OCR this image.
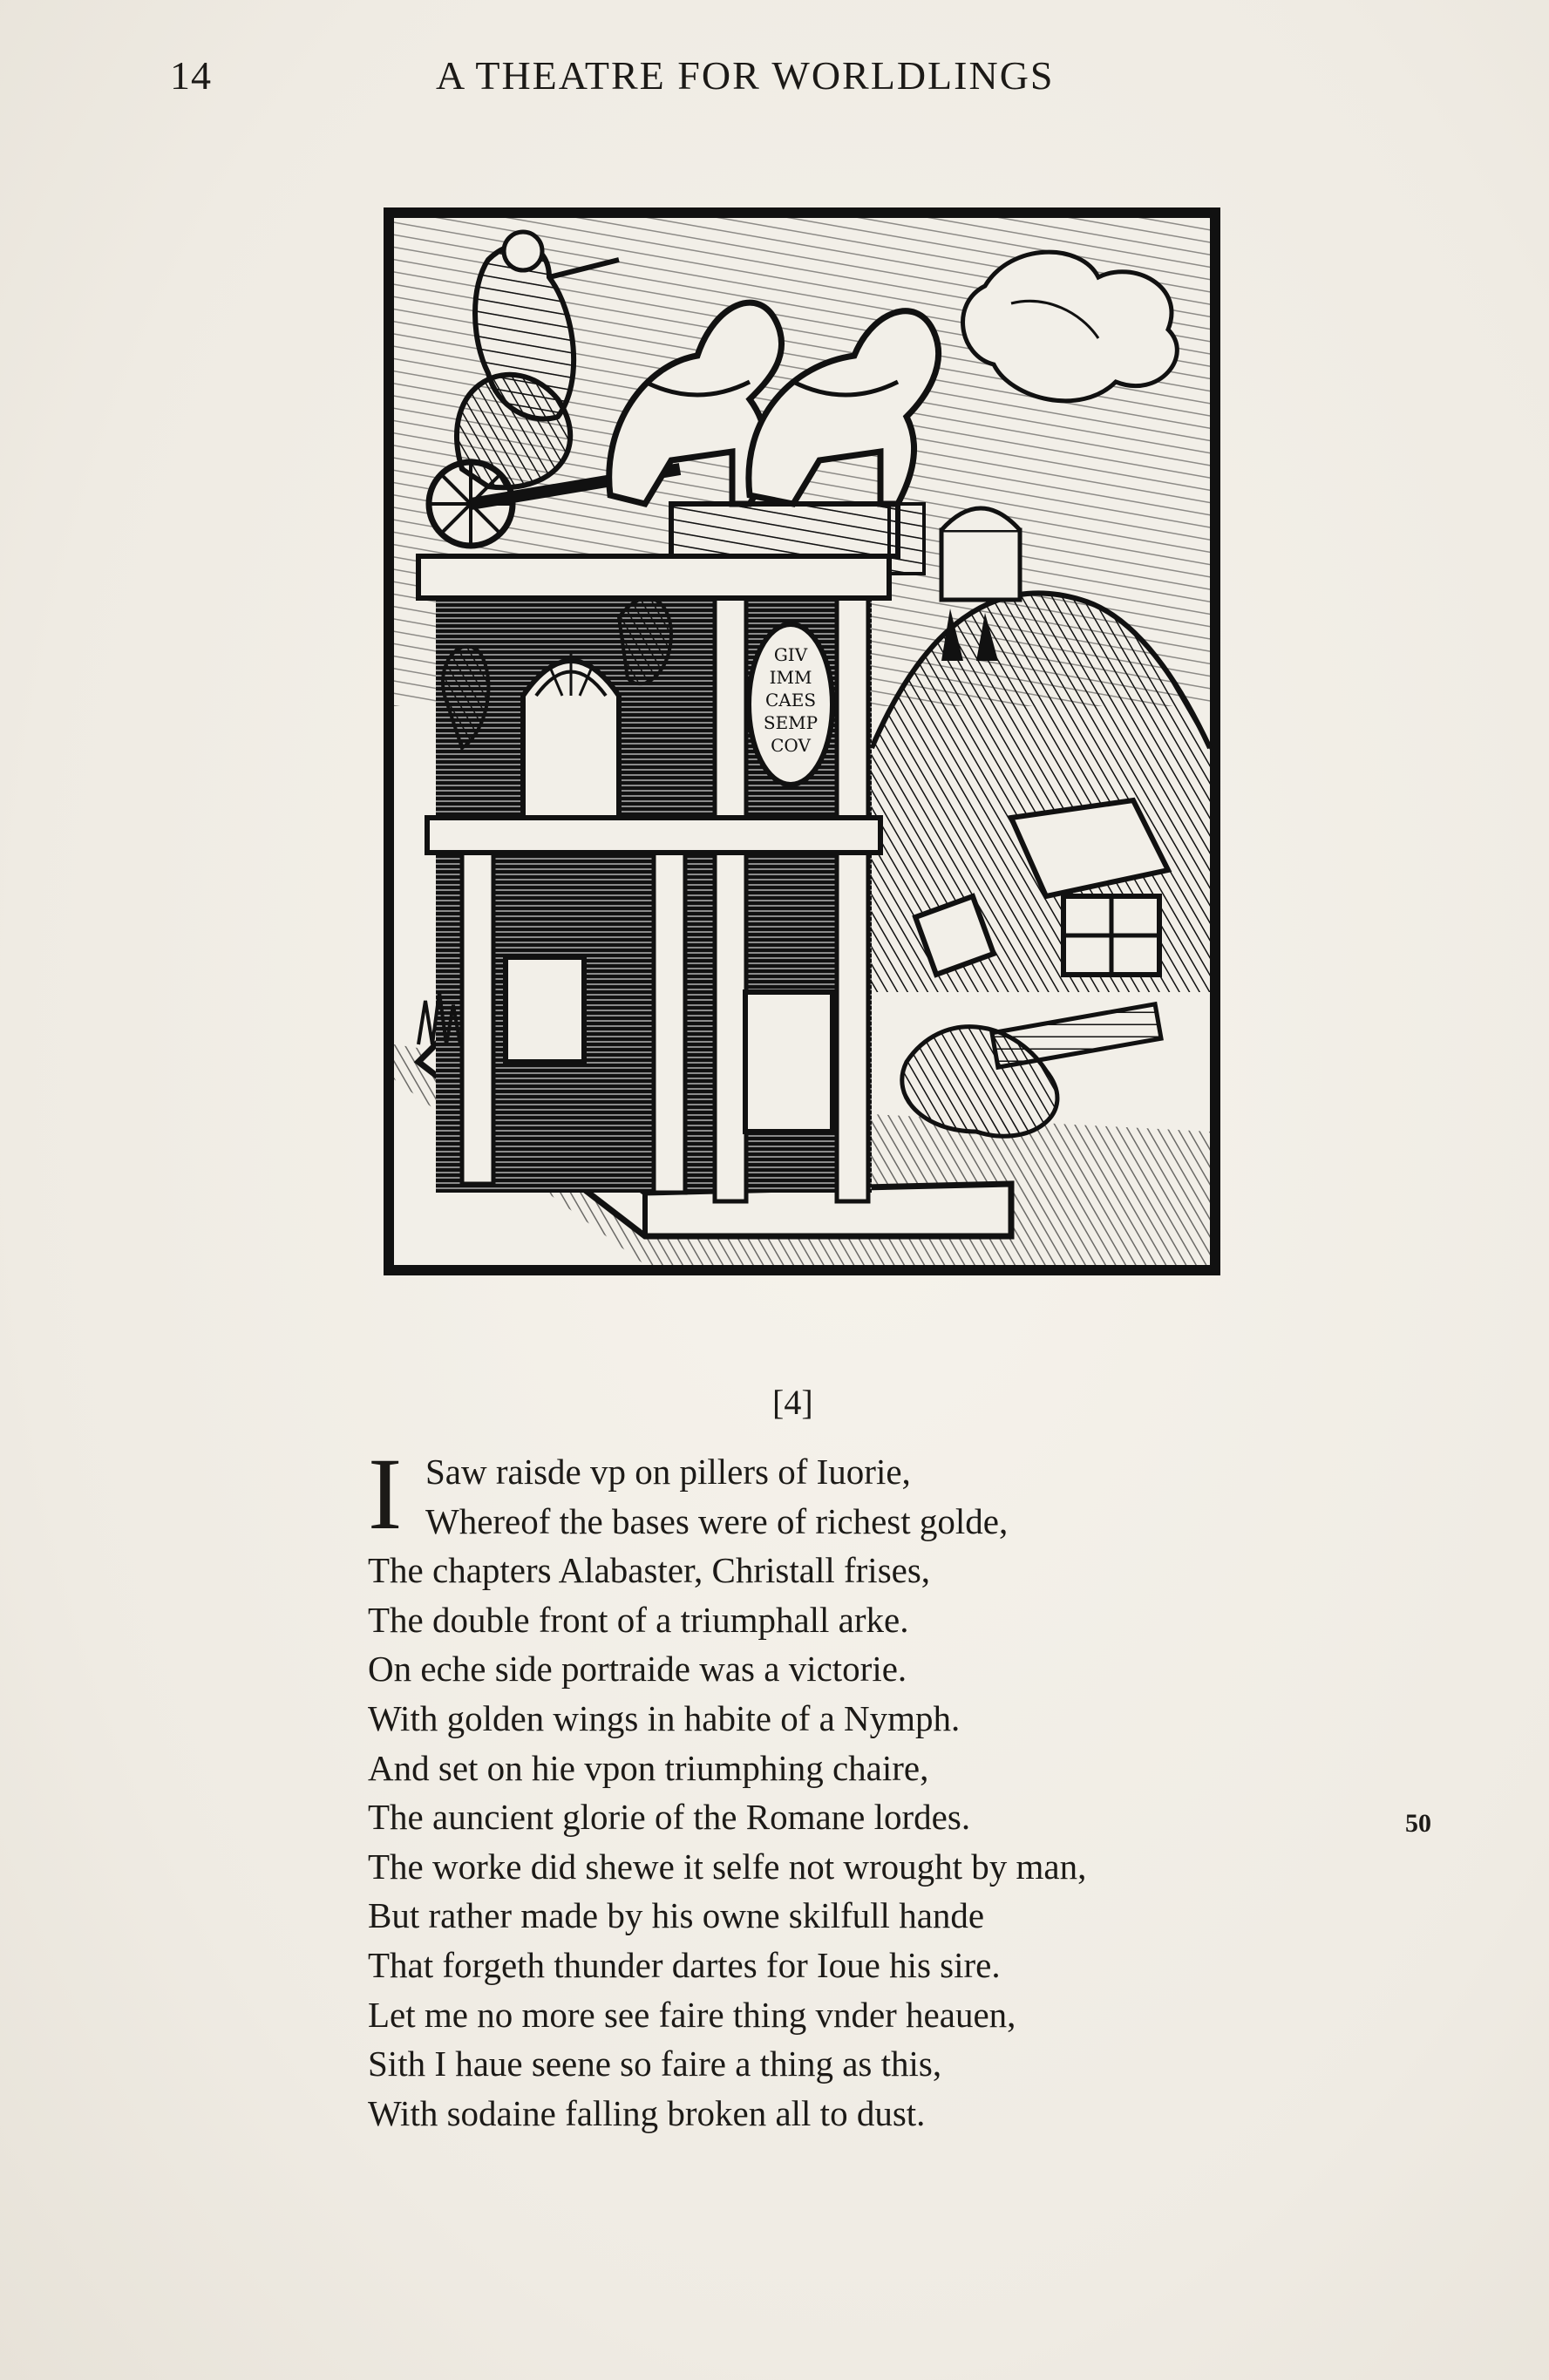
14	A THEATRE FOR WORLDLINGS
GIV
IMM
CAES
SEMP
COV
[4]
I Saw raisde vp on pillers of Iuorie,
Whereof the bases were of richest golde,
The chapters Alabaster, Christall frises,
The double front of a triumphall arke.
On eche side portraide was a victorie.
With golden wings in habite of a Nymph.
And set on hie vpon triumphing chaire,
The auncient glorie of the Romane lordes.
The worke did shewe it selfe not wrought by man,
But rather made by his owne skilfull hande
That forgeth thunder dartes for Ioue his sire.
Let me no more see faire thing vnder heauen,
Sith I haue seene so faire a thing as this,
With sodaine falling broken all to dust.
50
